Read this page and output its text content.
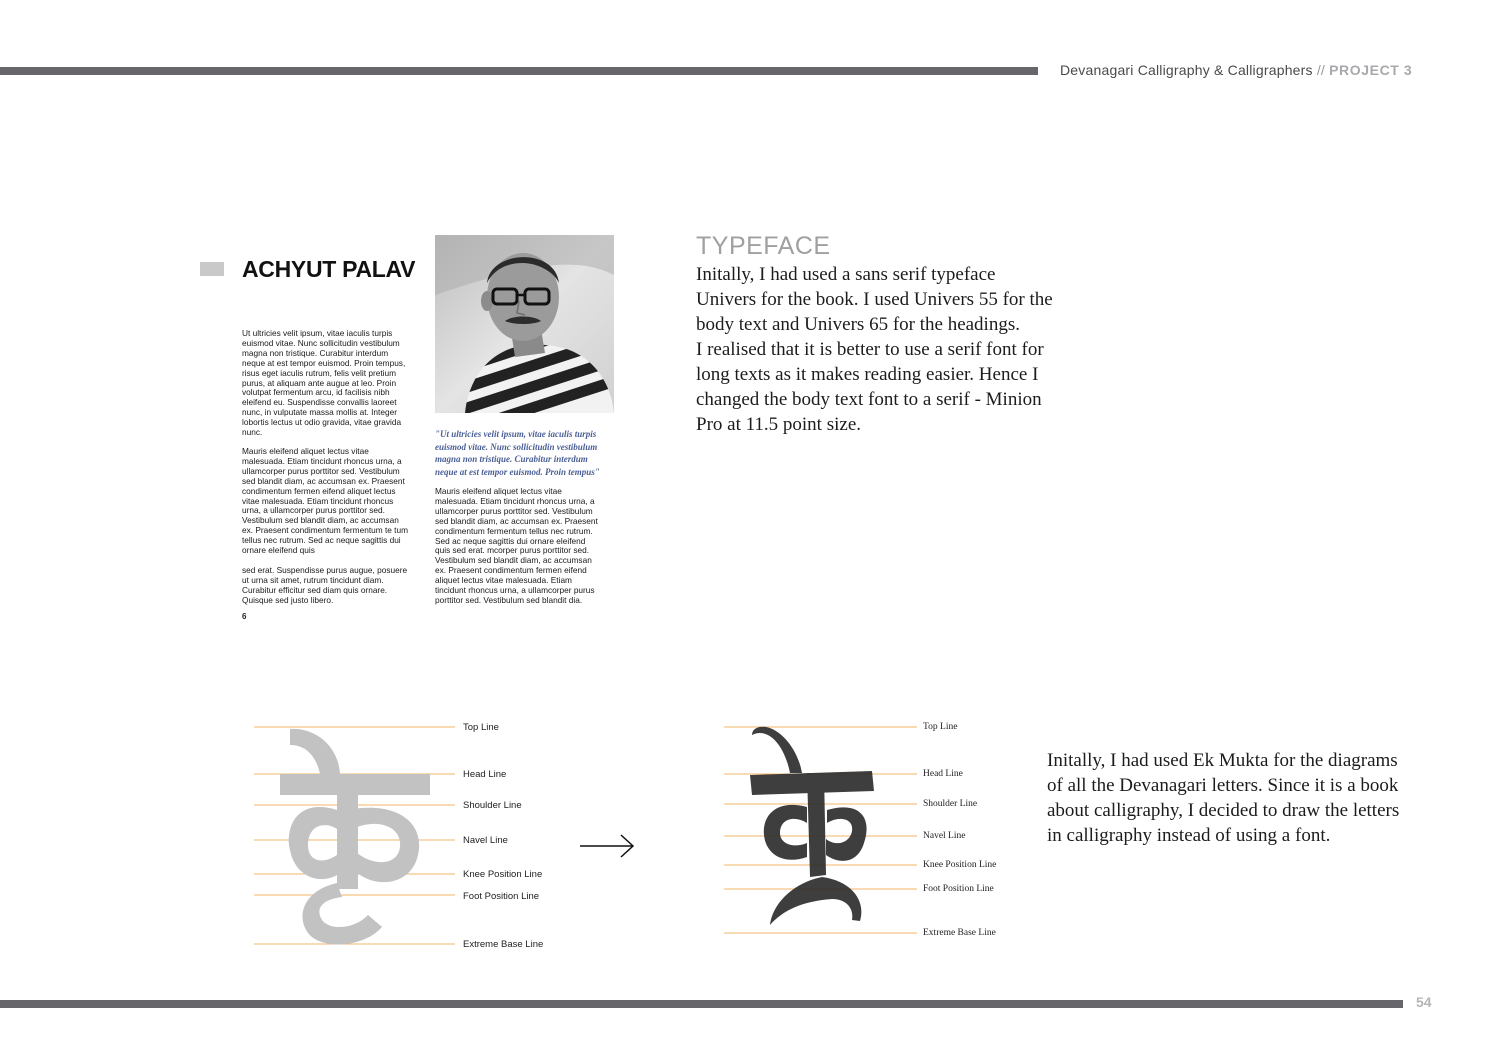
Devanagari Calligraphy & Calligraphers // PROJECT 3
ACHYUT PALAV

Ut ultricies velit ipsum, vitae iaculis turpis
euismod vitae. Nunc sollicitudin vestibulum
magna non tristique. Curabitur interdum
neque at est tempor euismod. Proin tempus,
risus eget iaculis rutrum, felis velit pretium
purus, at aliquam ante augue at leo. Proin
volutpat fermentum arcu, id facilisis nibh
eleifend eu. Suspendisse convallis laoreet
nunc, in vulputate massa mollis at. Integer
lobortis lectus ut odio gravida, vitae gravida
nunc.

Mauris eleifend aliquet lectus vitae
malesuada. Etiam tincidunt rhoncus urna, a
ullamcorper purus porttitor sed. Vestibulum
sed blandit diam, ac accumsan ex. Praesent
condimentum fermen eifend aliquet lectus
vitae malesuada. Etiam tincidunt rhoncus
urna, a ullamcorper purus porttitor sed.
Vestibulum sed blandit diam, ac accumsan
ex. Praesent condimentum fermentum te tum
tellus nec rutrum. Sed ac neque sagittis dui
ornare eleifend quis

sed erat. Suspendisse purus augue, posuere
ut urna sit amet, rutrum tincidunt diam.
Curabitur efficitur sed diam quis ornare.
Quisque sed justo libero.

"Ut ultricies velit ipsum, vitae iaculis turpis
euismod vitae. Nunc sollicitudin vestibulum
magna non tristique. Curabitur interdum
neque at est tempor euismod. Proin tempus"

Mauris eleifend aliquet lectus vitae
malesuada. Etiam tincidunt rhoncus urna, a
ullamcorper purus porttitor sed. Vestibulum
sed blandit diam, ac accumsan ex. Praesent
condimentum fermentum tellus nec rutrum.
Sed ac neque sagittis dui ornare eleifend
quis sed erat. mcorper purus porttitor sed.
Vestibulum sed blandit diam, ac accumsan
ex. Praesent condimentum fermen eifend
aliquet lectus vitae malesuada. Etiam
tincidunt rhoncus urna, a ullamcorper purus
porttitor sed. Vestibulum sed blandit dia.

6
TYPEFACE
Initally, I had used a sans serif typeface
Univers for the book. I used Univers 55 for the
body text and Univers 65 for the headings.
I realised that it is better to use a serif font for
long texts as it makes reading easier. Hence I
changed the body text font to a serif - Minion
Pro at 11.5 point size.
Top Line
Head Line
Shoulder Line
Navel Line
Knee Position Line
Foot Position Line
Extreme Base Line
Top Line
Head Line
Shoulder Line
Navel Line
Knee Position Line
Foot Position Line
Extreme Base Line
Initally, I had used Ek Mukta for the diagrams
of all the Devanagari letters. Since it is a book
about calligraphy, I decided to draw the letters
in calligraphy instead of using a font.
54
